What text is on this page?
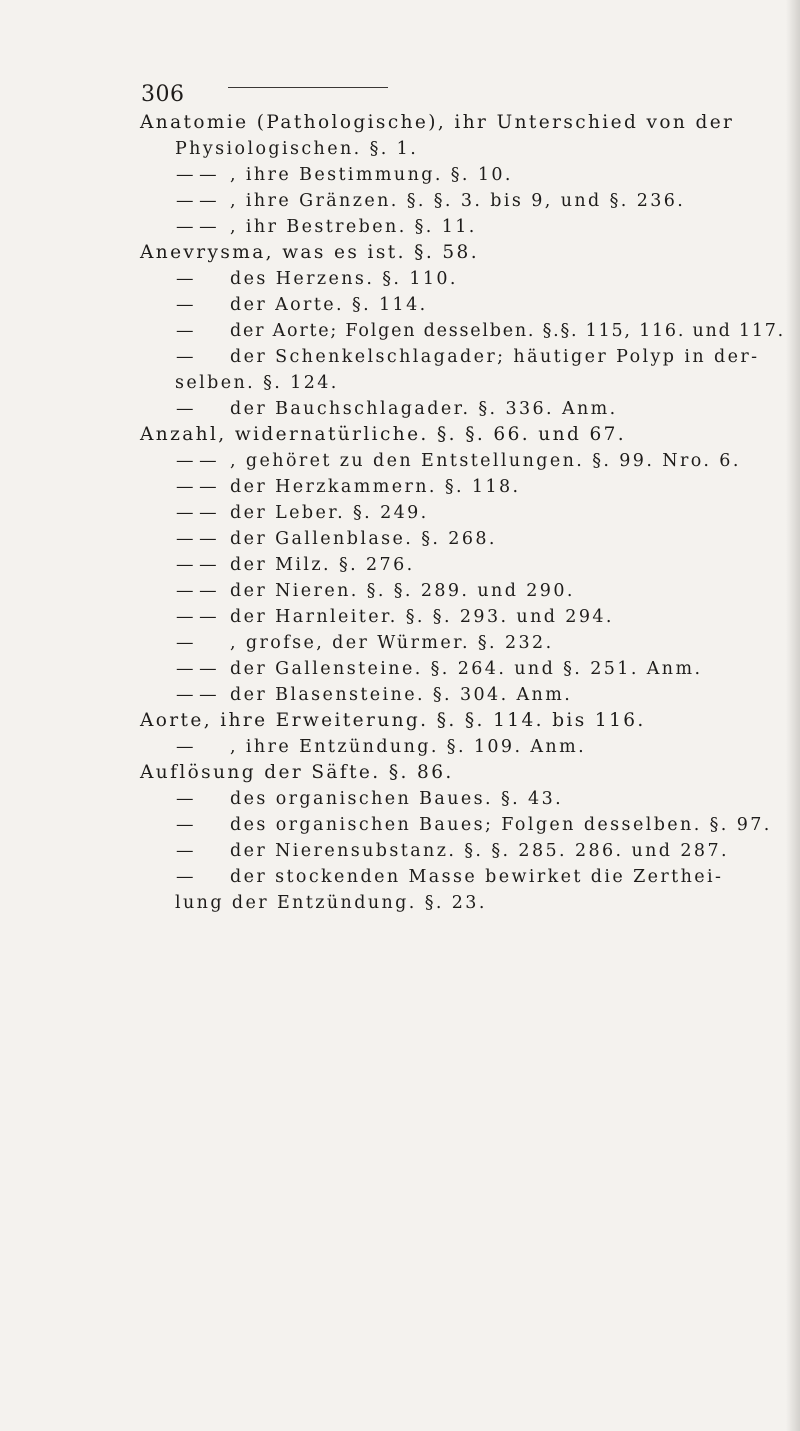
306
Anatomie (Pathologische), ihr Unterschied von der
Physiologischen. §. 1.
— — , ihre Bestimmung. §. 10.
— — , ihre Gränzen. §. §. 3. bis 9, und §. 236.
— — , ihr Bestreben. §. 11.
Anevrysma, was es ist. §. 58.
— des Herzens. §. 110.
— der Aorte. §. 114.
— der Aorte; Folgen desselben. §.§. 115, 116. und 117.
— der Schenkelschlagader; häutiger Polyp in der-
selben. §. 124.
— der Bauchschlagader. §. 336. Anm.
Anzahl, widernatürliche. §. §. 66. und 67.
— — , gehöret zu den Entstellungen. §. 99. Nro. 6.
— — der Herzkammern. §. 118.
— — der Leber. §. 249.
— — der Gallenblase. §. 268.
— — der Milz. §. 276.
— — der Nieren. §. §. 289. und 290.
— — der Harnleiter. §. §. 293. und 294.
— , grofse, der Würmer. §. 232.
— — der Gallensteine. §. 264. und §. 251. Anm.
— — der Blasensteine. §. 304. Anm.
Aorte, ihre Erweiterung. §. §. 114. bis 116.
— , ihre Entzündung. §. 109. Anm.
Auflösung der Säfte. §. 86.
— des organischen Baues. §. 43.
— des organischen Baues; Folgen desselben. §. 97.
— der Nierensubstanz. §. §. 285. 286. und 287.
— der stockenden Masse bewirket die Zerthei-
lung der Entzündung. §. 23.
